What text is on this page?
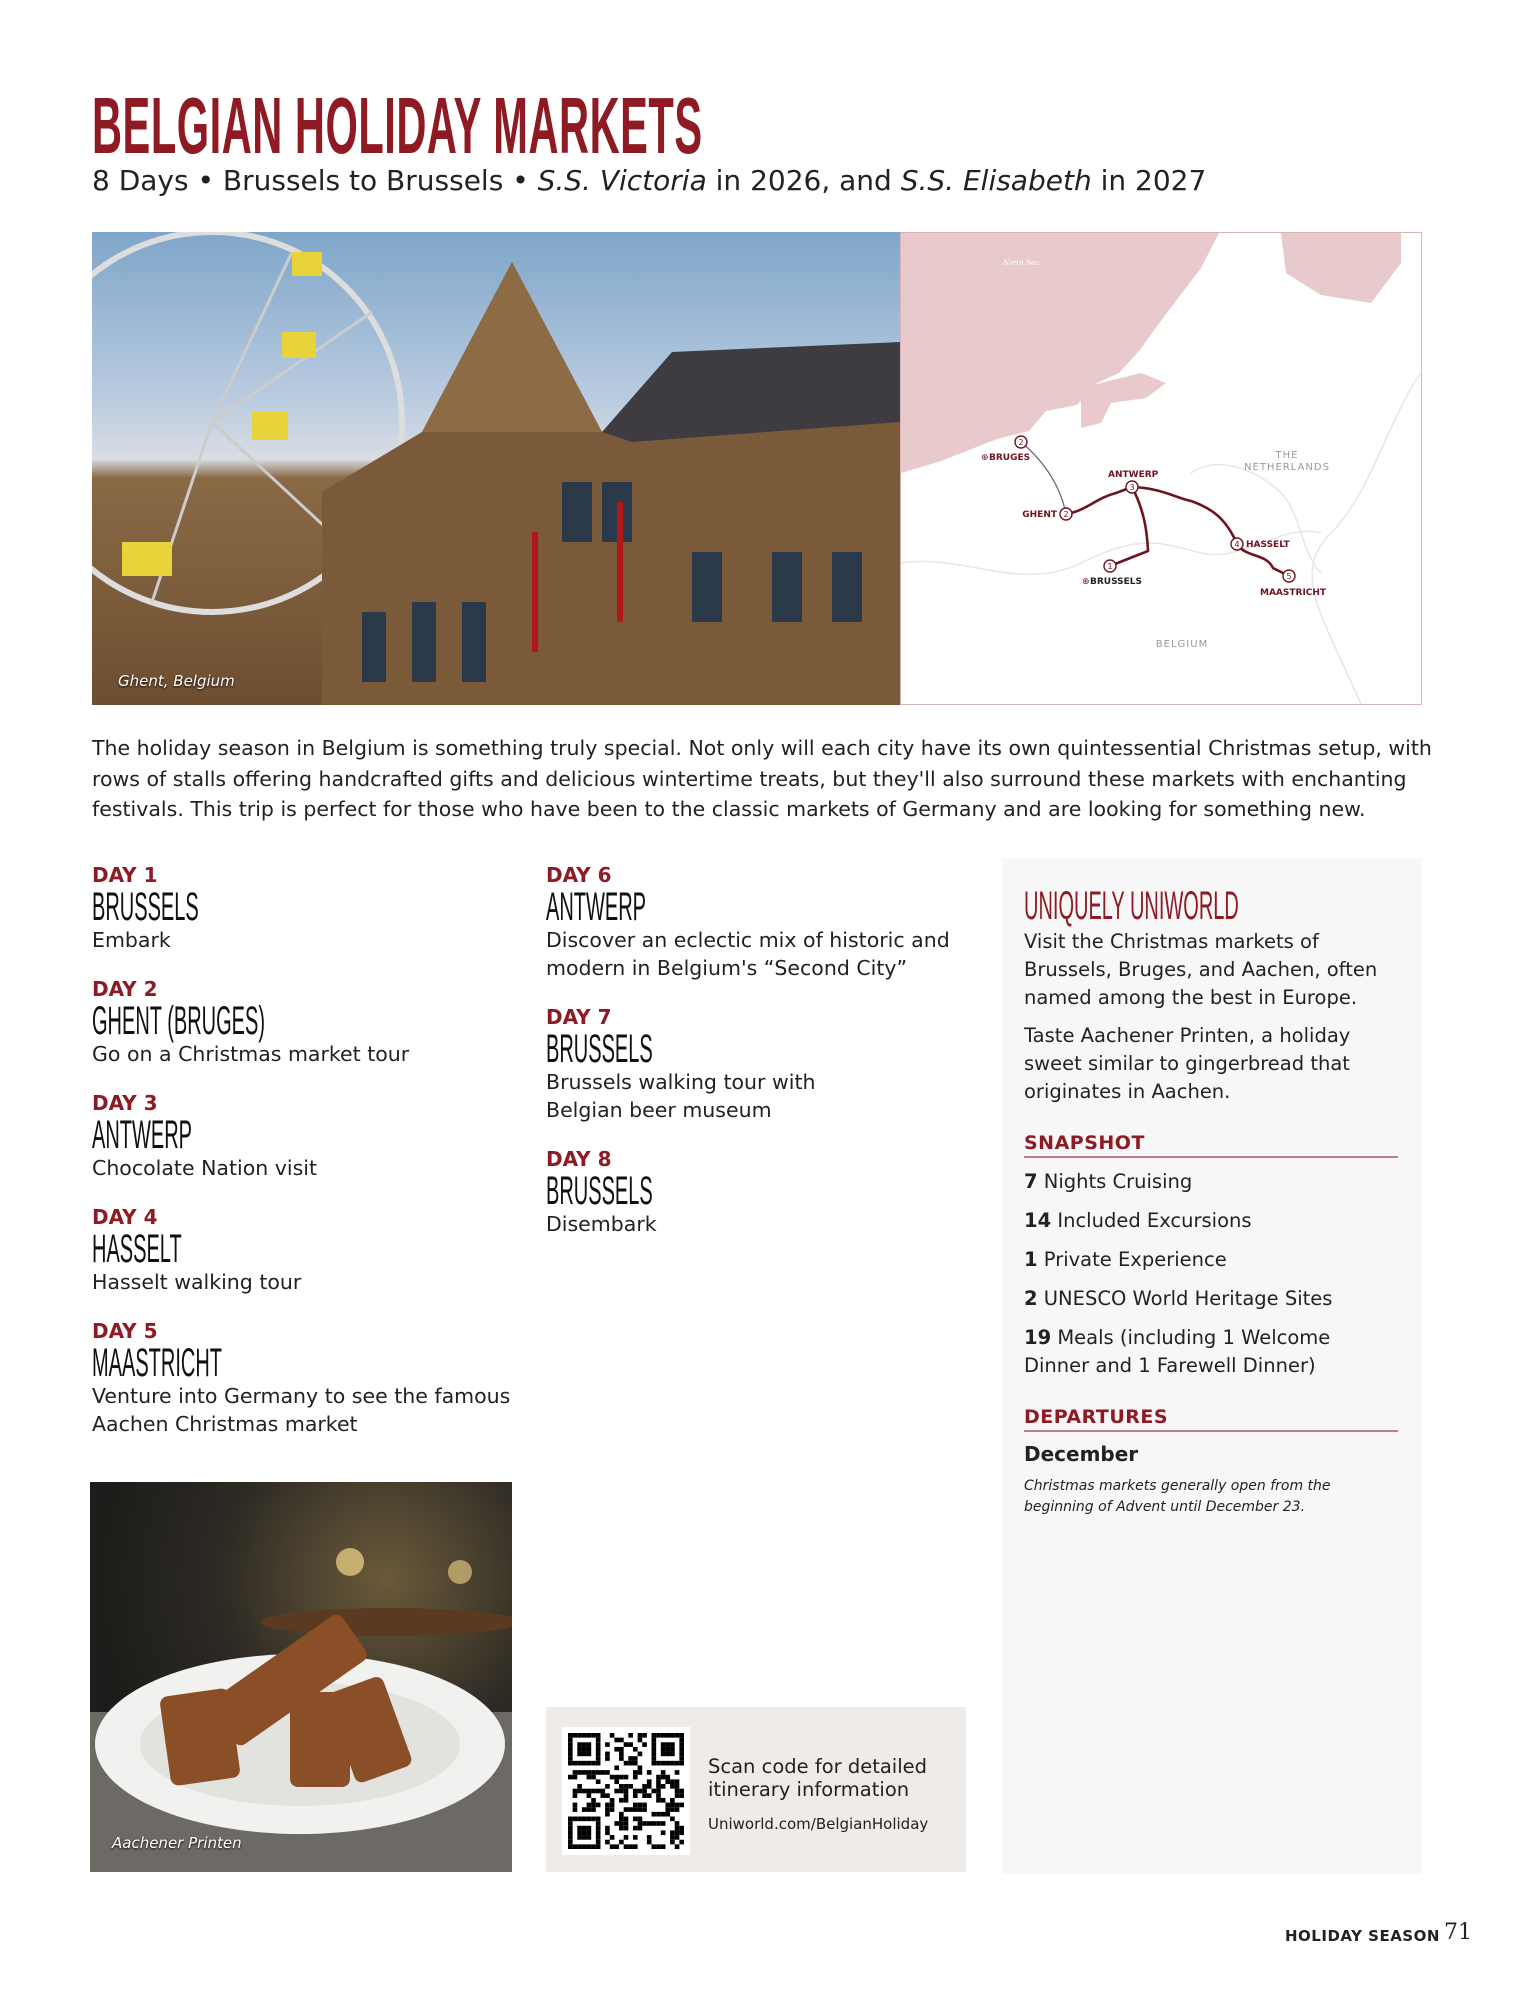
BELGIAN HOLIDAY MARKETS
8 Days • Brussels to Brussels • S.S. Victoria in 2026, and S.S. Elisabeth in 2027
Ghent, Belgium
1
2
2
3
4
5
BRUSSELS
BRUGES
GHENT
ANTWERP
HASSELT
MAASTRICHT
⊕
⊕
THE
NETHERLANDS
BELGIUM
North Sea
The holiday season in Belgium is something truly special. Not only will each city have its own quintessential Christmas setup, with rows of stalls offering handcrafted gifts and delicious wintertime treats, but they'll also surround these markets with enchanting festivals. This trip is perfect for those who have been to the classic markets of Germany and are looking for something new.
DAY 1
BRUSSELS
Embark
DAY 2
GHENT (BRUGES)
Go on a Christmas market tour
DAY 3
ANTWERP
Chocolate Nation visit
DAY 4
HASSELT
Hasselt walking tour
DAY 5
MAASTRICHT
Venture into Germany to see the famous Aachen Christmas market
DAY 6
ANTWERP
Discover an eclectic mix of historic and modern in Belgium's “Second City”
DAY 7
BRUSSELS
Brussels walking tour with Belgian beer museum
DAY 8
BRUSSELS
Disembark
UNIQUELY UNIWORLD

Visit the Christmas markets of Brussels, Bruges, and Aachen, often named among the best in Europe.

Taste Aachener Printen, a holiday sweet similar to gingerbread that originates in Aachen.

SNAPSHOT
7 Nights Cruising
14 Included Excursions
1 Private Experience
2 UNESCO World Heritage Sites
19 Meals (including 1 Welcome Dinner and 1 Farewell Dinner)
DEPARTURES
December
Christmas markets generally open from the beginning of Advent until December 23.
Aachener Printen
Scan code for detailed itinerary information
Uniworld.com/BelgianHoliday
HOLIDAY SEASON 71
